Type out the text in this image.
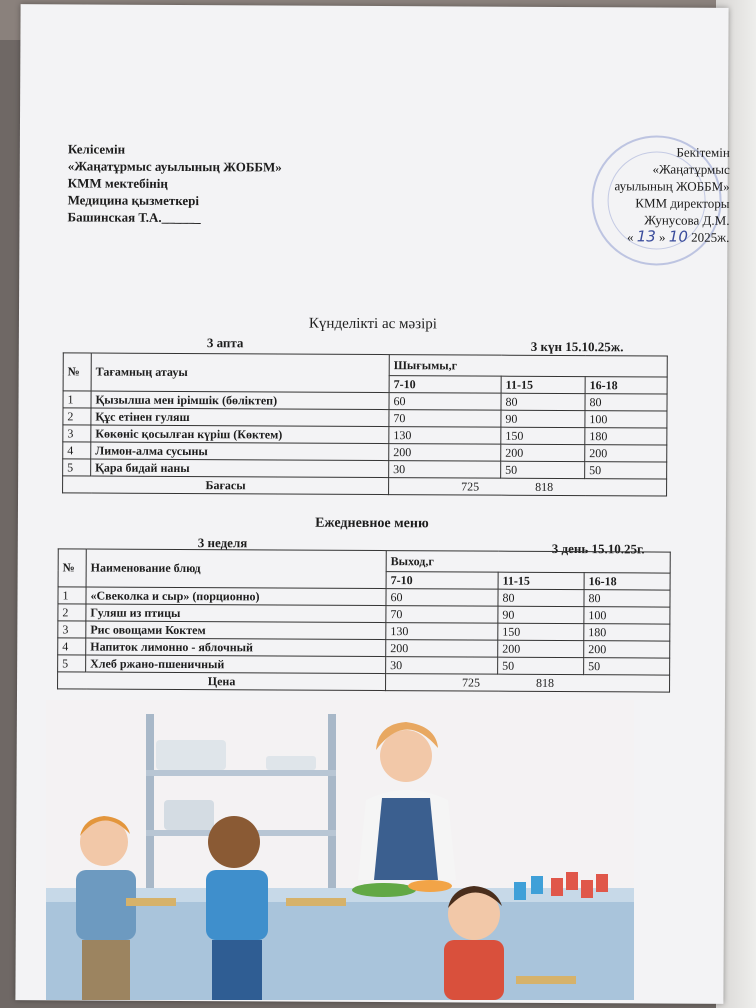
Келісемін
«Жаңатұрмыс ауылының ЖОББМ»
КММ мектебінің
Медицина қызметкері
Башинская Т.А.______
Бекітемін
«Жаңатұрмыс
ауылының ЖОББМ»
КММ директоры
Жунусова Д.М.
« 13 » 10 2025ж.
Күнделікті ас мәзірі
3 апта	3 күн 15.10.25ж.
№	Тағамның атауы	Шығымы,г		
		7-10	11-15	16-18
1	Қызылша мен ірімшік (бөліктеп)	60	80	80
2	Құс етінен гуляш	70	90	100
3	Көкөніс қосылған күріш (Көктем)	130	150	180
4	Лимон-алма сусыны	200	200	200
5	Қара бидай наны	30	50	50
Бағасы		725 818		
Ежедневное меню
3 неделя	3 день 15.10.25г.
№	Наименование блюд	Выход,г		
		7-10	11-15	16-18
1	«Свеколка и сыр» (порционно)	60	80	80
2	Гуляш из птицы	70	90	100
3	Рис овощами Коктем	130	150	180
4	Напиток лимонно - яблочный	200	200	200
5	Хлеб ржано-пшеничный	30	50	50
Цена		725 818		
